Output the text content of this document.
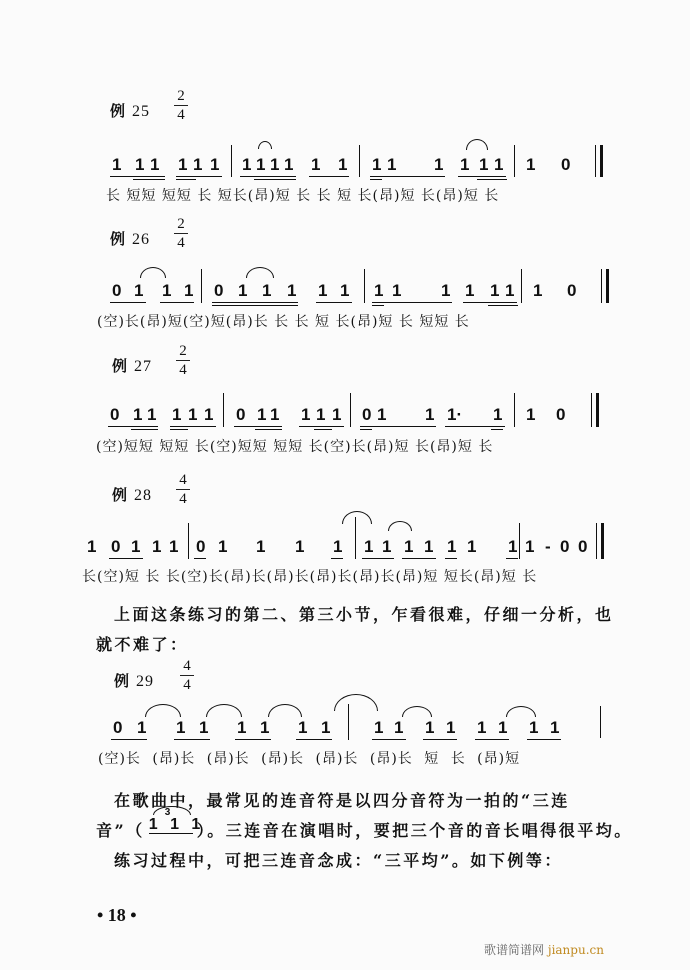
例 25
2
4
1 1 1 1 1 1 1 1 1 1 1 1 1 1 1 1 1 1 1 0
长 短短 短短 长 短长(昂)短 长 长 短 长(昂)短 长(昂)短 长
例 26
2
4
0 1 1 1 0 1 1 1 1 1 1 1 1 1 1 1 1 0
(空)长(昂)短(空)短(昂)长 长 长 短 长(昂)短 长 短短 长
例 27
2
4
0 1 1 1 1 1 0 1 1 1 1 1 0 1 1 1· 1 1 0
(空)短短 短短 长(空)短短 短短 长(空)长(昂)短 长(昂)短 长
例 28
4
4
1 0 1 1 1 0 1 1 1 1 1 1 1 1 1 1 1 1 - 0 0
长(空)短 长 长(空)长(昂)长(昂)长(昂)长(昂)长(昂)短 短长(昂)短 长
上面这条练习的第二、第三小节，乍看很难，仔细一分析，也
就不难了：
例 29
4
4
0 1 1 1 1 1 1 1	1 1 1 1 1 1 1 1
(空)长 (昂)长 (昂)长 (昂)长 (昂)长 (昂)长 短 长 (昂)短
在歌曲中，最常见的连音符是以四分音符为一拍的“三连
音”（
3
1 1 1
）。三连音在演唱时，要把三个音的音长唱得很平均。
练习过程中，可把三连音念成：“三平均”。如下例等：
• 18 •
歌谱简谱网 jianpu.cn
